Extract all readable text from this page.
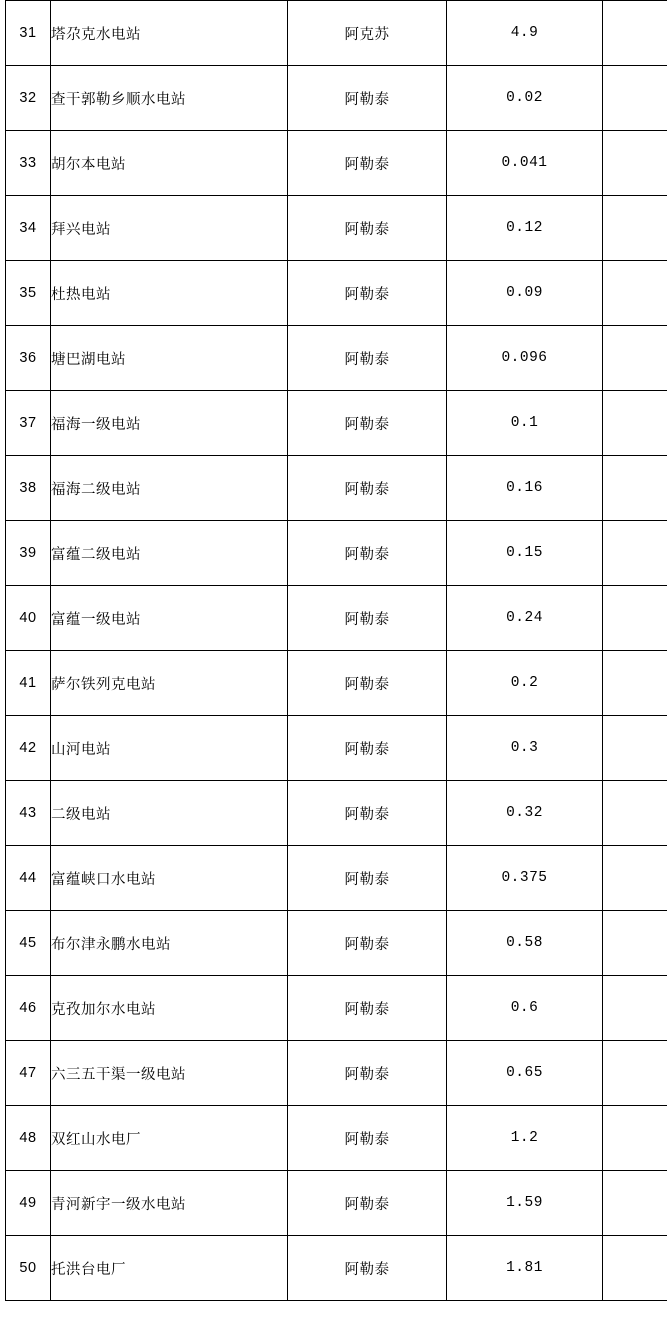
31	塔尕克水电站	阿克苏	4.9	
32	查干郭勒乡顺水电站	阿勒泰	0.02	
33	胡尔本电站	阿勒泰	0.041	
34	拜兴电站	阿勒泰	0.12	
35	杜热电站	阿勒泰	0.09	
36	塘巴湖电站	阿勒泰	0.096	
37	福海一级电站	阿勒泰	0.1	
38	福海二级电站	阿勒泰	0.16	
39	富蕴二级电站	阿勒泰	0.15	
40	富蕴一级电站	阿勒泰	0.24	
41	萨尔铁列克电站	阿勒泰	0.2	
42	山河电站	阿勒泰	0.3	
43	二级电站	阿勒泰	0.32	
44	富蕴峡口水电站	阿勒泰	0.375	
45	布尔津永鹏水电站	阿勒泰	0.58	
46	克孜加尔水电站	阿勒泰	0.6	
47	六三五干渠一级电站	阿勒泰	0.65	
48	双红山水电厂	阿勒泰	1.2	
49	青河新宇一级水电站	阿勒泰	1.59	
50	托洪台电厂	阿勒泰	1.81	
